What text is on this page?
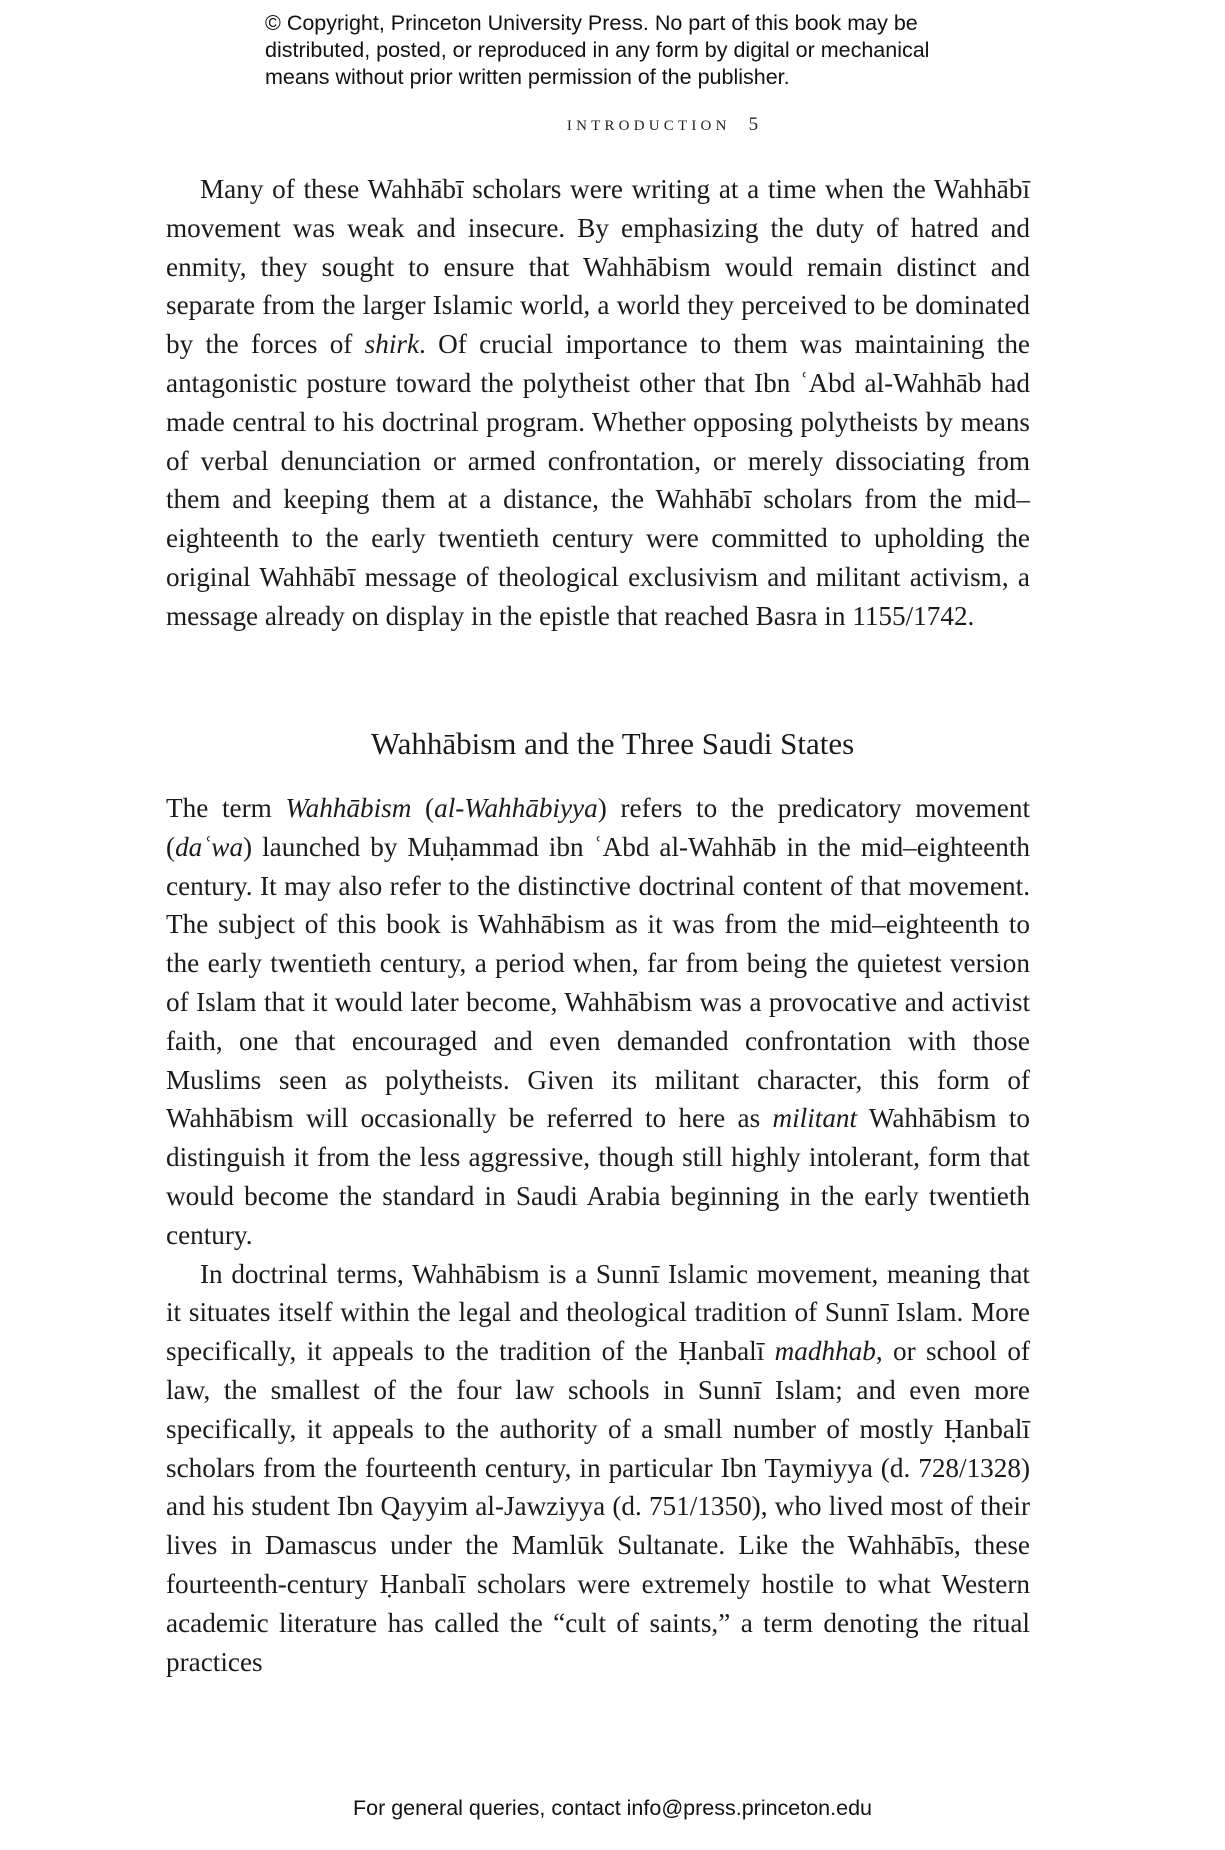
© Copyright, Princeton University Press. No part of this book may be
distributed, posted, or reproduced in any form by digital or mechanical
means without prior written permission of the publisher.
INTRODUCTION 5

Many of these Wahhābī scholars were writing at a time when the Wahhābī movement was weak and insecure. By emphasizing the duty of hatred and enmity, they sought to ensure that Wahhābism would remain distinct and separate from the larger Islamic world, a world they perceived to be dominated by the forces of shirk. Of crucial importance to them was maintaining the antagonistic posture toward the polytheist other that Ibn ʿAbd al-Wahhāb had made central to his doctrinal program. Whether opposing polytheists by means of verbal denunciation or armed confrontation, or merely dissociating from them and keeping them at a distance, the Wahhābī scholars from the mid–eighteenth to the early twentieth century were committed to upholding the original Wahhābī message of theological exclusivism and militant activism, a message already on display in the epistle that reached Basra in 1155/1742.

Wahhābism and the Three Saudi States

The term Wahhābism (al-Wahhābiyya) refers to the predicatory movement (daʿwa) launched by Muḥammad ibn ʿAbd al-Wahhāb in the mid–eighteenth century. It may also refer to the distinctive doctrinal content of that movement. The subject of this book is Wahhābism as it was from the mid–eighteenth to the early twentieth century, a period when, far from being the quietest version of Islam that it would later become, Wahhābism was a provocative and activist faith, one that encouraged and even demanded confrontation with those Muslims seen as polytheists. Given its militant character, this form of Wahhābism will occasionally be referred to here as militant Wahhābism to distinguish it from the less aggressive, though still highly intolerant, form that would become the standard in Saudi Arabia beginning in the early twentieth century.

In doctrinal terms, Wahhābism is a Sunnī Islamic movement, meaning that it situates itself within the legal and theological tradition of Sunnī Islam. More specifically, it appeals to the tradition of the Ḥanbalī madhhab, or school of law, the smallest of the four law schools in Sunnī Islam; and even more specifically, it appeals to the authority of a small number of mostly Ḥanbalī scholars from the fourteenth century, in particular Ibn Taymiyya (d. 728/1328) and his student Ibn Qayyim al-Jawziyya (d. 751/1350), who lived most of their lives in Damascus under the Mamlūk Sultanate. Like the Wahhābīs, these fourteenth-century Ḥanbalī scholars were extremely hostile to what Western academic literature has called the “cult of saints,” a term denoting the ritual practices

For general queries, contact info@press.princeton.edu
